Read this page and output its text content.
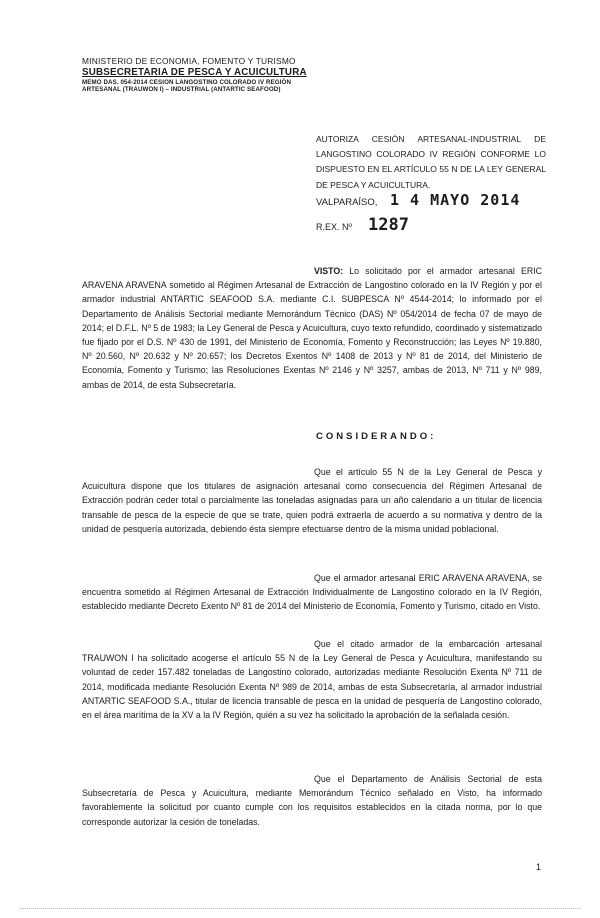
MINISTERIO DE ECONOMIA, FOMENTO Y TURISMO
SUBSECRETARIA DE PESCA Y ACUICULTURA
MEMO DAS. 054-2014 CESION LANGOSTINO COLORADO IV REGIÓN
ARTESANAL (TRAUWON I) – INDUSTRIAL (ANTARTIC SEAFOOD)
AUTORIZA CESIÓN ARTESANAL-INDUSTRIAL DE LANGOSTINO COLORADO IV REGIÓN CONFORME LO DISPUESTO EN EL ARTÍCULO 55 N DE LA LEY GENERAL DE PESCA Y ACUICULTURA.
VALPARAÍSO, 1 4 MAYO 2014
R.EX. Nº 1287
VISTO: Lo solicitado por el armador artesanal ERIC ARAVENA ARAVENA sometido al Régimen Artesanal de Extracción de Langostino colorado en la IV Región y por el armador industrial ANTARTIC SEAFOOD S.A. mediante C.I. SUBPESCA Nº 4544-2014; lo informado por el Departamento de Análisis Sectorial mediante Memorándum Técnico (DAS) Nº 054/2014 de fecha 07 de mayo de 2014; el D.F.L. Nº 5 de 1983; la Ley General de Pesca y Acuicultura, cuyo texto refundido, coordinado y sistematizado fue fijado por el D.S. Nº 430 de 1991, del Ministerio de Economía, Fomento y Reconstrucción; las Leyes Nº 19.880, Nº 20.560, Nº 20.632 y Nº 20.657; los Decretos Exentos Nº 1408 de 2013 y Nº 81 de 2014, del Ministerio de Economía, Fomento y Turismo; las Resoluciones Exentas Nº 2146 y Nº 3257, ambas de 2013, Nº 711 y Nº 989, ambas de 2014, de esta Subsecretaría.
CONSIDERANDO:
Que el artículo 55 N de la Ley General de Pesca y Acuicultura dispone que los titulares de asignación artesanal como consecuencia del Régimen Artesanal de Extracción podrán ceder total o parcialmente las toneladas asignadas para un año calendario a un titular de licencia transable de pesca de la especie de que se trate, quien podrá extraerla de acuerdo a su normativa y dentro de la unidad de pesquería autorizada, debiendo ésta siempre efectuarse dentro de la misma unidad poblacional.
Que el armador artesanal ERIC ARAVENA ARAVENA, se encuentra sometido al Régimen Artesanal de Extracción Individualmente de Langostino colorado en la IV Región, establecido mediante Decreto Exento Nº 81 de 2014 del Ministerio de Economía, Fomento y Turismo, citado en Visto.
Que el citado armador de la embarcación artesanal TRAUWON I ha solicitado acogerse el artículo 55 N de la Ley General de Pesca y Acuicultura, manifestando su voluntad de ceder 157.482 toneladas de Langostino colorado, autorizadas mediante Resolución Exenta Nº 711 de 2014, modificada mediante Resolución Exenta Nº 989 de 2014, ambas de esta Subsecretaría, al armador industrial ANTARTIC SEAFOOD S.A., titular de licencia transable de pesca en la unidad de pesquería de Langostino colorado, en el área marítima de la XV a la IV Región, quién a su vez ha solicitado la aprobación de la señalada cesión.
Que el Departamento de Análisis Sectorial de esta Subsecretaría de Pesca y Acuicultura, mediante Memorándum Técnico señalado en Visto, ha informado favorablemente la solicitud por cuanto cumple con los requisitos establecidos en la citada norma, por lo que corresponde autorizar la cesión de toneladas.
1
